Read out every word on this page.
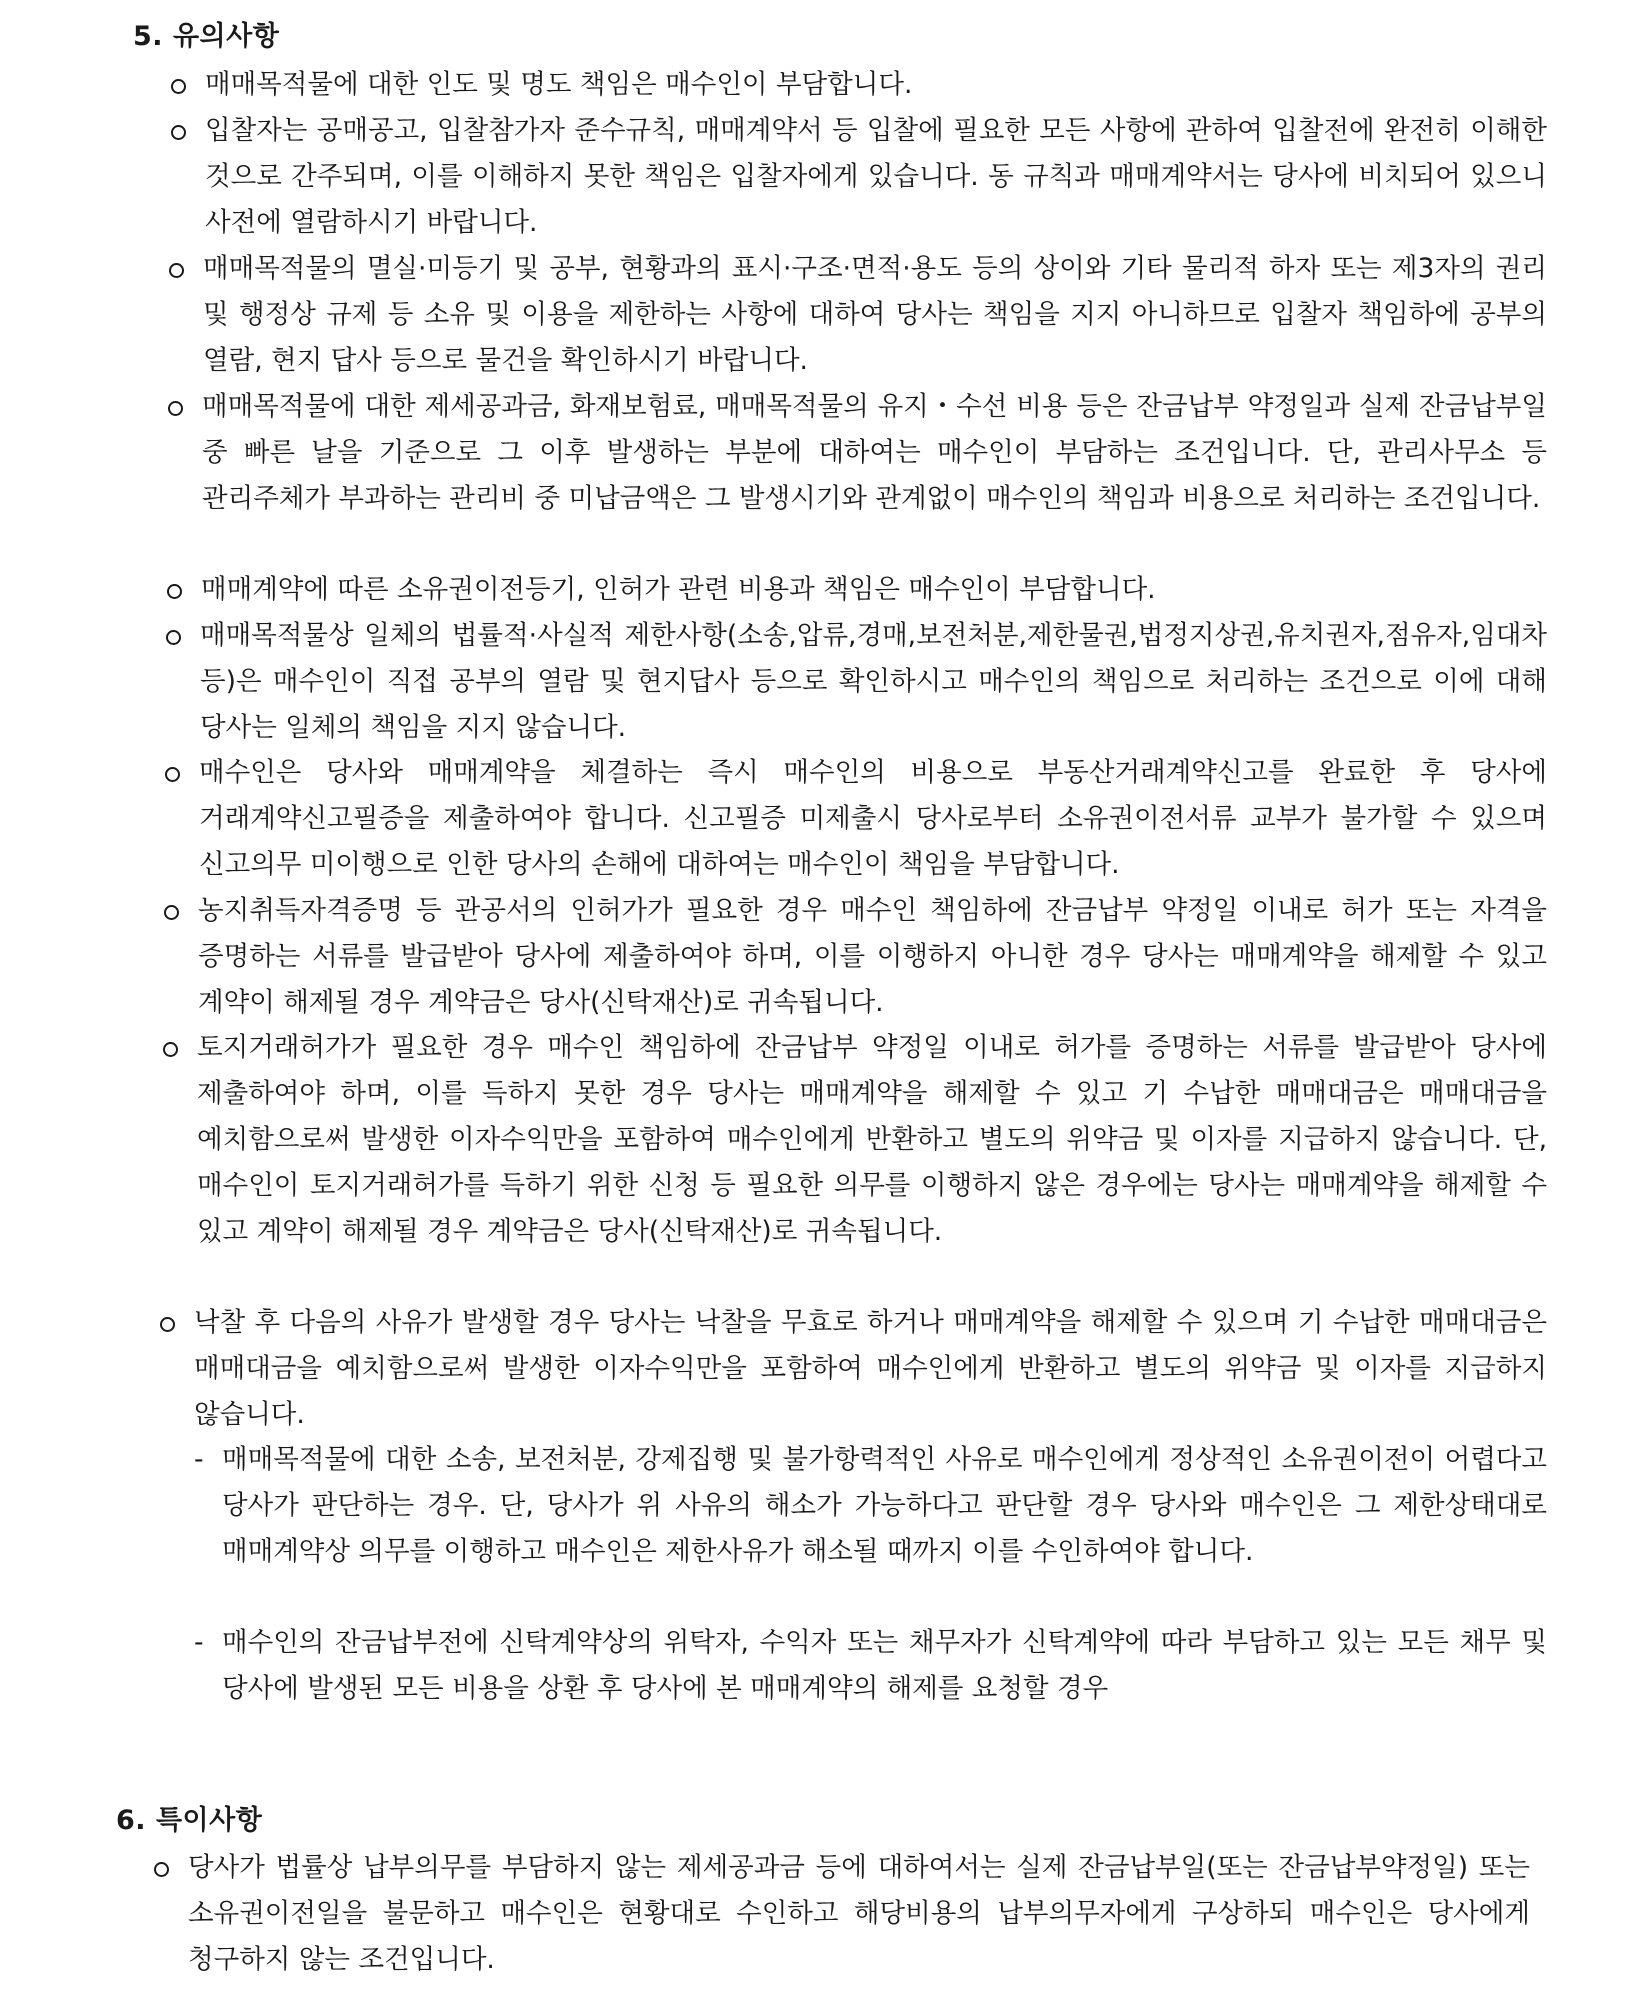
5. 유의사항

매매목적물에 대한 인도 및 명도 책임은 매수인이 부담합니다.

입찰자는 공매공고, 입찰참가자 준수규칙, 매매계약서 등 입찰에 필요한 모든 사항에 관하여 입찰전에 완전히 이해한 것으로 간주되며, 이를 이해하지 못한 책임은 입찰자에게 있습니다. 동 규칙과 매매계약서는 당사에 비치되어 있으니 사전에 열람하시기 바랍니다.

매매목적물의 멸실·미등기 및 공부, 현황과의 표시·구조·면적·용도 등의 상이와 기타 물리적 하자 또는 제3자의 권리 및 행정상 규제 등 소유 및 이용을 제한하는 사항에 대하여 당사는 책임을 지지 아니하므로 입찰자 책임하에 공부의 열람, 현지 답사 등으로 물건을 확인하시기 바랍니다.

매매목적물에 대한 제세공과금, 화재보험료, 매매목적물의 유지・수선 비용 등은 잔금납부 약정일과 실제 잔금납부일 중 빠른 날을 기준으로 그 이후 발생하는 부분에 대하여는 매수인이 부담하는 조건입니다. 단, 관리사무소 등 관리주체가 부과하는 관리비 중 미납금액은 그 발생시기와 관계없이 매수인의 책임과 비용으로 처리하는 조건입니다.

매매계약에 따른 소유권이전등기, 인허가 관련 비용과 책임은 매수인이 부담합니다.

매매목적물상 일체의 법률적·사실적 제한사항(소송,압류,경매,보전처분,제한물권,법정지상권,유치권자,점유자,임대차 등)은 매수인이 직접 공부의 열람 및 현지답사 등으로 확인하시고 매수인의 책임으로 처리하는 조건으로 이에 대해 당사는 일체의 책임을 지지 않습니다.

매수인은 당사와 매매계약을 체결하는 즉시 매수인의 비용으로 부동산거래계약신고를 완료한 후 당사에 거래계약신고필증을 제출하여야 합니다. 신고필증 미제출시 당사로부터 소유권이전서류 교부가 불가할 수 있으며 신고의무 미이행으로 인한 당사의 손해에 대하여는 매수인이 책임을 부담합니다.

농지취득자격증명 등 관공서의 인허가가 필요한 경우 매수인 책임하에 잔금납부 약정일 이내로 허가 또는 자격을 증명하는 서류를 발급받아 당사에 제출하여야 하며, 이를 이행하지 아니한 경우 당사는 매매계약을 해제할 수 있고 계약이 해제될 경우 계약금은 당사(신탁재산)로 귀속됩니다.

토지거래허가가 필요한 경우 매수인 책임하에 잔금납부 약정일 이내로 허가를 증명하는 서류를 발급받아 당사에 제출하여야 하며, 이를 득하지 못한 경우 당사는 매매계약을 해제할 수 있고 기 수납한 매매대금은 매매대금을 예치함으로써 발생한 이자수익만을 포함하여 매수인에게 반환하고 별도의 위약금 및 이자를 지급하지 않습니다. 단, 매수인이 토지거래허가를 득하기 위한 신청 등 필요한 의무를 이행하지 않은 경우에는 당사는 매매계약을 해제할 수 있고 계약이 해제될 경우 계약금은 당사(신탁재산)로 귀속됩니다.

낙찰 후 다음의 사유가 발생할 경우 당사는 낙찰을 무효로 하거나 매매계약을 해제할 수 있으며 기 수납한 매매대금은 매매대금을 예치함으로써 발생한 이자수익만을 포함하여 매수인에게 반환하고 별도의 위약금 및 이자를 지급하지 않습니다.

- 매매목적물에 대한 소송, 보전처분, 강제집행 및 불가항력적인 사유로 매수인에게 정상적인 소유권이전이 어렵다고 당사가 판단하는 경우. 단, 당사가 위 사유의 해소가 가능하다고 판단할 경우 당사와 매수인은 그 제한상태대로 매매계약상 의무를 이행하고 매수인은 제한사유가 해소될 때까지 이를 수인하여야 합니다.

- 매수인의 잔금납부전에 신탁계약상의 위탁자, 수익자 또는 채무자가 신탁계약에 따라 부담하고 있는 모든 채무 및 당사에 발생된 모든 비용을 상환 후 당사에 본 매매계약의 해제를 요청할 경우

6. 특이사항

당사가 법률상 납부의무를 부담하지 않는 제세공과금 등에 대하여서는 실제 잔금납부일(또는 잔금납부약정일) 또는 소유권이전일을 불문하고 매수인은 현황대로 수인하고 해당비용의 납부의무자에게 구상하되 매수인은 당사에게 청구하지 않는 조건입니다.
